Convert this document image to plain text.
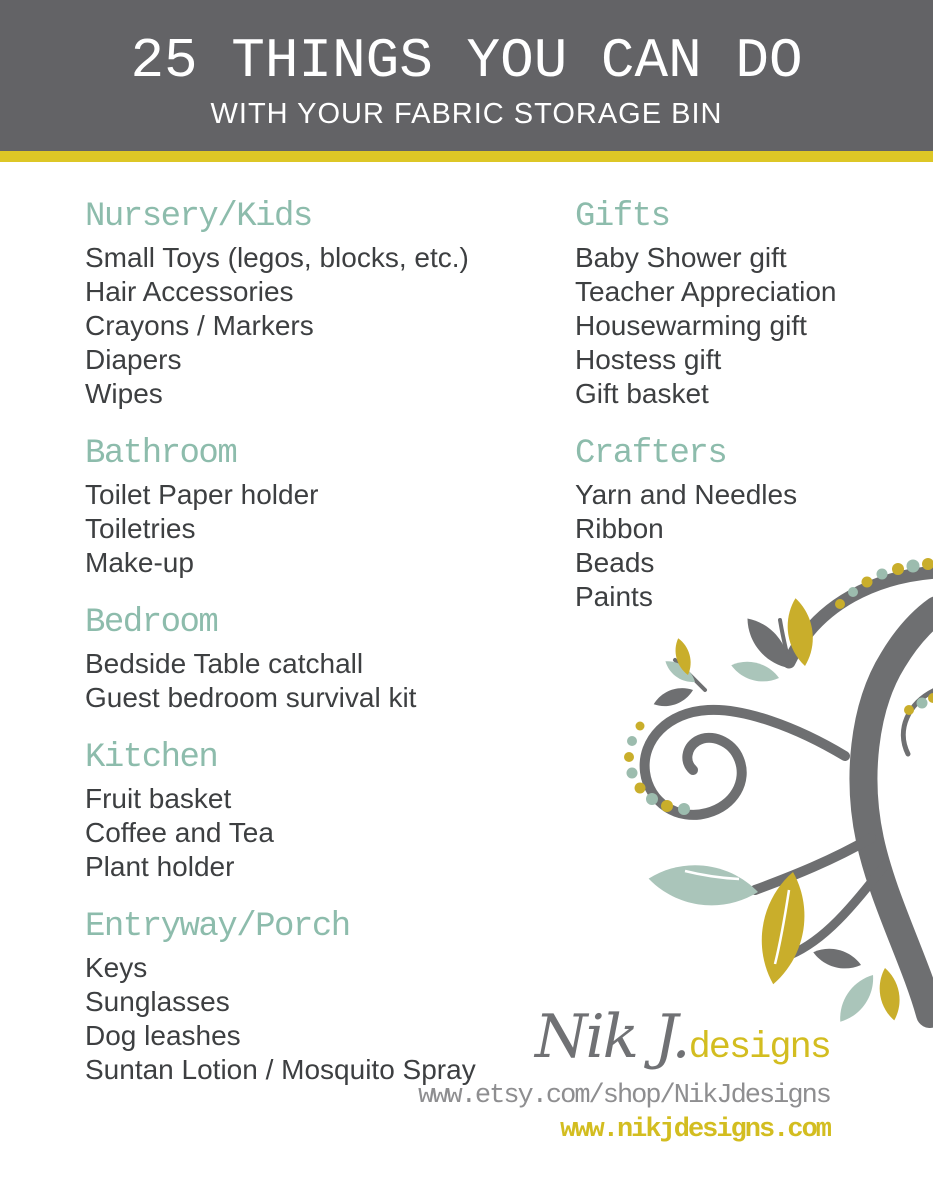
25 THINGS YOU CAN DO
WITH YOUR FABRIC STORAGE BIN
Nursery/Kids
Small Toys (legos, blocks, etc.)
Hair Accessories
Crayons / Markers
Diapers
Wipes
Bathroom
Toilet Paper holder
Toiletries
Make-up
Bedroom
Bedside Table catchall
Guest bedroom survival kit
Kitchen
Fruit basket
Coffee and Tea
Plant holder
Entryway/Porch
Keys
Sunglasses
Dog leashes
Suntan Lotion / Mosquito Spray
Gifts
Baby Shower gift
Teacher Appreciation
Housewarming gift
Hostess gift
Gift basket
Crafters
Yarn and Needles
Ribbon
Beads
Paints
Nik J. designs
www.etsy.com/shop/NikJdesigns
www.nikjdesigns.com
